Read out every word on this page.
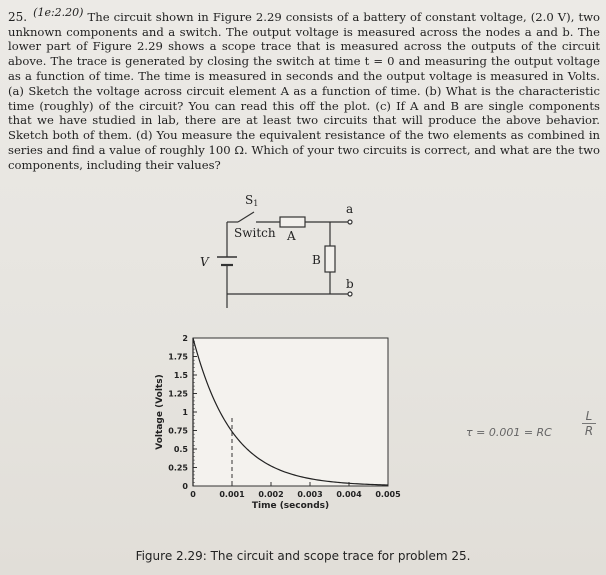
25. $^{(1e:2.20)}$ The circuit shown in Figure 2.29 consists of a battery of constant voltage, (2.0 V), two unknown components and a switch. The output voltage is measured across the nodes a and b. The lower part of Figure 2.29 shows a scope trace that is measured across the outputs of the circuit above. The trace is generated by closing the switch at time t = 0 and measuring the output voltage as a function of time. The time is measured in seconds and the output voltage is measured in Volts. (a) Sketch the voltage across circuit element A as a function of time. (b) What is the characteristic time (roughly) of the circuit? You can read this off the plot. (c) If A and B are single components that we have studied in lab, there are at least two circuits that will produce the above behavior. Sketch both of them. (d) You measure the equivalent resistance of the two elements as combined in series and find a value of roughly 100 Ω. Which of your two circuits is correct, and what are the two components, including their values?
S1
Switch A
B
a
b
V
0
0.25
0.5
0.75
1
1.25
1.5
1.75
2
0	0.001 0.002 0.003 0.004 0.005
Time (seconds)
Voltage (Volts)	τ = 0.001 = RC
L
R
Figure 2.29: The circuit and scope trace for problem 25.
